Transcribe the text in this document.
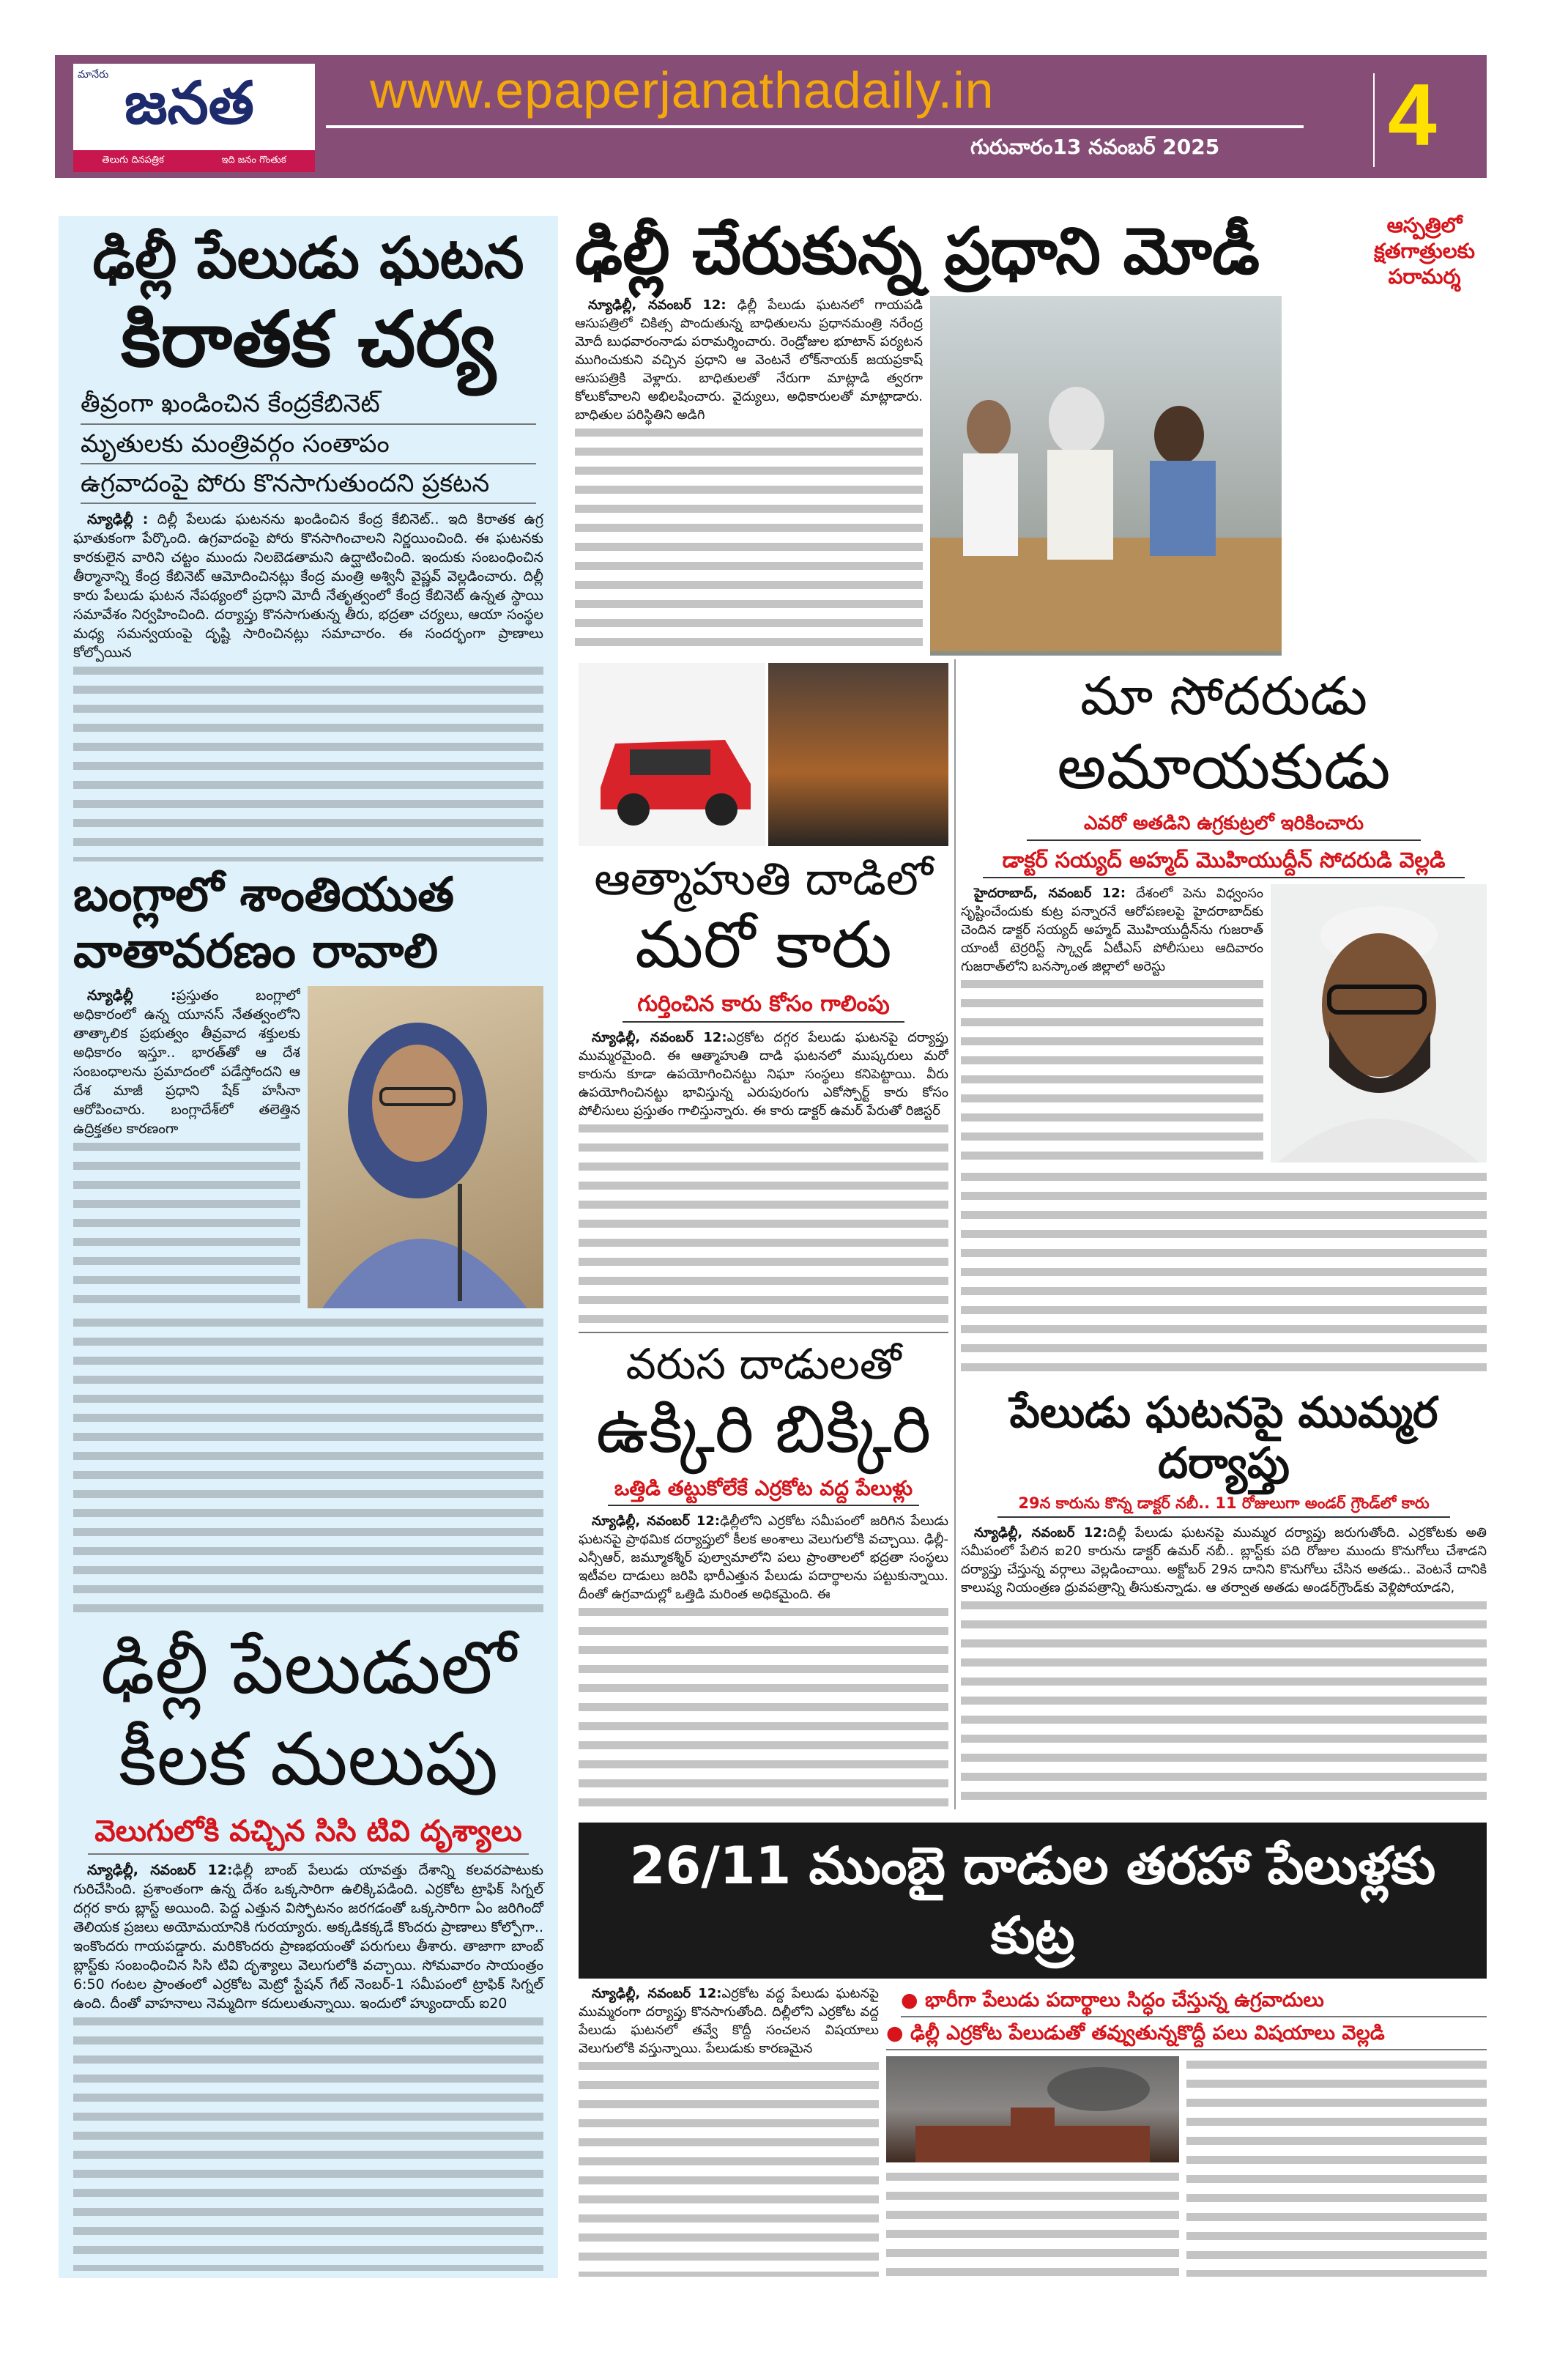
మానేరు జనత
తెలుగు దినపత్రిక	ఇది జనం గొంతుక
www.epaperjanathadaily.in
గురువారం13 నవంబర్ 2025 4
ఢిల్లీ పేలుడు ఘటన
కిరాతక చర్య
తీవ్రంగా ఖండించిన కేంద్రకేబినెట్
మృతులకు మంత్రివర్గం సంతాపం
ఉగ్రవాదంపై పోరు కొనసాగుతుందని ప్రకటన
 న్యూఢిల్లీ : దిల్లీ పేలుడు ఘటనను ఖండించిన కేంద్ర కేబినెట్.. ఇది కిరాతక ఉగ్ర ఘాతుకంగా పేర్కొంది. ఉగ్రవాదంపై పోరు కొనసాగించాలని నిర్ణయించింది. ఈ ఘటనకు కారకులైన వారిని చట్టం ముందు నిలబెడతామని ఉద్ఘాటించింది. ఇందుకు సంబంధించిన తీర్మానాన్ని కేంద్ర కేబినెట్ ఆమోదించినట్లు కేంద్ర మంత్రి అశ్వినీ వైష్ణవ్ వెల్లడించారు. దిల్లీ కారు పేలుడు ఘటన నేపథ్యంలో ప్రధాని మోదీ నేతృత్వంలో కేంద్ర కేబినెట్ ఉన్నత స్థాయి సమావేశం నిర్వహించింది. దర్యాప్తు కొనసాగుతున్న తీరు, భద్రతా చర్యలు, ఆయా సంస్థల మధ్య సమన్వయంపై దృష్టి సారించినట్లు సమాచారం. ఈ సందర్భంగా ప్రాణాలు కోల్పోయిన
బంగ్లాలో శాంతియుత వాతావరణం రావాలి
 న్యూఢిల్లీ :ప్రస్తుతం బంగ్లాలో అధికారంలో ఉన్న యూనస్ నేతత్వంలోని తాత్కాలిక ప్రభుత్వం తీవ్రవాద శక్తులకు అధికారం ఇస్తూ.. భారత్‌తో ఆ దేశ సంబంధాలను ప్రమాదంలో పడేస్తోందని ఆ దేశ మాజీ ప్రధాని షేక్ హసీనా ఆరోపించారు. బంగ్లాదేశ్‌లో తలెత్తిన ఉద్రిక్తతల కారణంగా
ఢిల్లీ పేలుడులో
కీలక మలుపు
వెలుగులోకి వచ్చిన సిసి టివి దృశ్యాలు
 న్యూఢిల్లీ, నవంబర్ 12:ఢిల్లీ బాంబ్ పేలుడు యావత్తు దేశాన్ని కలవరపాటుకు గురిచేసింది. ప్రశాంతంగా ఉన్న దేశం ఒక్కసారిగా ఉలిక్కిపడింది. ఎర్రకోట ట్రాఫిక్ సిగ్నల్ దగ్గర కారు బ్లాస్ట్ అయింది. పెద్ద ఎత్తున విస్ఫోటనం జరగడంతో ఒక్కసారిగా ఏం జరిగిందో తెలియక ప్రజలు అయోమయానికి గురయ్యారు. అక్కడికక్కడే కొందరు ప్రాణాలు కోల్పోగా.. ఇంకొందరు గాయపడ్డారు. మరికొందరు ప్రాణభయంతో పరుగులు తీశారు. తాజాగా బాంబ్ బ్లాస్ట్‌కు సంబంధించిన సిసి టివి దృశ్యాలు వెలుగులోకి వచ్చాయి. సోమవారం సాయంత్రం 6:50 గంటల ప్రాంతంలో ఎర్రకోట మెట్రో స్టేషన్ గేట్ నెంబర్-1 సమీపంలో ట్రాఫిక్ సిగ్నల్ ఉంది. దీంతో వాహనాలు నెమ్మదిగా కదులుతున్నాయి. ఇందులో హ్యుందాయ్ ఐ20
ఢిల్లీ చేరుకున్న ప్రధాని మోడీ	ఆస్పత్రిలో క్షతగాత్రులకు పరామర్శ
 న్యూఢిల్లీ, నవంబర్ 12: ఢిల్లీ పేలుడు ఘటనలో గాయపడి ఆసుపత్రిలో చికిత్స పొందుతున్న బాధితులను ప్రధానమంత్రి నరేంద్ర మోదీ బుధవారంనాడు పరామర్శించారు. రెండ్రోజుల భూటాన్ పర్యటన ముగించుకుని వచ్చిన ప్రధాని ఆ వెంటనే లోక్‌నాయక్ జయప్రకాష్ ఆసుపత్రికి వెళ్లారు. బాధితులతో నేరుగా మాట్లాడి త్వరగా కోలుకోవాలని అభిలషించారు. వైద్యులు, అధికారులతో మాట్లాడారు. బాధితుల పరిస్థితిని అడిగి
ఆత్మాహుతి దాడిలో
మరో కారు
గుర్తించిన కారు కోసం గాలింపు
 న్యూఢిల్లీ, నవంబర్ 12:ఎర్రకోట దగ్గర పేలుడు ఘటనపై దర్యాప్తు ముమ్మరమైంది. ఈ ఆత్మాహుతి దాడి ఘటనలో ముష్కరులు మరో కారును కూడా ఉపయోగించినట్టు నిఘా సంస్థలు కనిపెట్టాయి. వీరు ఉపయోగించినట్టు భావిస్తున్న ఎరుపురంగు ఎకోస్పోర్ట్ కారు కోసం పోలీసులు ప్రస్తుతం గాలిస్తున్నారు. ఈ కారు డాక్టర్ ఉమర్ పేరుతో రిజిస్టర్
వరుస దాడులతో
ఉక్కిరి బిక్కిరి
ఒత్తిడి తట్టుకోలేకే ఎర్రకోట వద్ద పేలుళ్లు
 న్యూఢిల్లీ, నవంబర్ 12:ఢిల్లీలోని ఎర్రకోట సమీపంలో జరిగిన పేలుడు ఘటనపై ప్రాథమిక దర్యాప్తులో కీలక అంశాలు వెలుగులోకి వచ్చాయి. ఢిల్లీ-ఎన్సీఆర్, జమ్మూకశ్మీర్ పుల్వామాలోని పలు ప్రాంతాలలో భద్రతా సంస్థలు ఇటీవల దాడులు జరిపి భారీఎత్తున పేలుడు పదార్థాలను పట్టుకున్నాయి. దీంతో ఉగ్రవాదుల్లో ఒత్తిడి మరింత అధికమైంది. ఈ
మా సోదరుడు
అమాయకుడు
ఎవరో అతడిని ఉగ్రకుట్రలో ఇరికించారు
డాక్టర్ సయ్యద్ అహ్మద్ మొహియుద్దీన్ సోదరుడి వెల్లడి
 హైదరాబాద్, నవంబర్ 12: దేశంలో పెను విధ్వంసం సృష్టించేందుకు కుట్ర పన్నారనే ఆరోపణలపై హైదరాబాద్‌కు చెందిన డాక్టర్ సయ్యద్ అహ్మద్ మొహియుద్దీన్‌ను గుజరాత్ యాంటీ టెర్రరిస్ట్ స్క్వాడ్ ఏటీఎస్ పోలీసులు ఆదివారం గుజరాత్‌లోని బనస్కాంత జిల్లాలో అరెస్టు
పేలుడు ఘటనపై ముమ్మర దర్యాప్తు
29న కారును కొన్న డాక్టర్ నబీ.. 11 రోజులుగా అండర్ గ్రౌండ్‌లో కారు
 న్యూఢిల్లీ, నవంబర్ 12:దిల్లీ పేలుడు ఘటనపై ముమ్మర దర్యాప్తు జరుగుతోంది. ఎర్రకోటకు అతి సమీపంలో పేలిన ఐ20 కారును డాక్టర్ ఉమర్ నబీ.. బ్లాస్ట్‌కు పది రోజుల ముందు కొనుగోలు చేశాడని దర్యాప్తు చేస్తున్న వర్గాలు వెల్లడించాయి. అక్టోబర్ 29న దానిని కొనుగోలు చేసిన అతడు.. వెంటనే దానికి కాలుష్య నియంత్రణ ధ్రువపత్రాన్ని తీసుకున్నాడు. ఆ తర్వాత అతడు అండర్‌గ్రౌండ్‌కు వెళ్లిపోయాడని,
26/11 ముంబై దాడుల తరహా పేలుళ్లకు కుట్ర
 న్యూఢిల్లీ, నవంబర్ 12:ఎర్రకోట వద్ద పేలుడు ఘటనపై ముమ్మరంగా దర్యాప్తు కొనసాగుతోంది. దిల్లీలోని ఎర్రకోట వద్ద పేలుడు ఘటనలో తవ్వే కొద్దీ సంచలన విషయాలు వెలుగులోకి వస్తున్నాయి. పేలుడుకు కారణమైన
● భారీగా పేలుడు పదార్థాలు సిద్ధం చేస్తున్న ఉగ్రవాదులు
● ఢిల్లీ ఎర్రకోట పేలుడుతో తవ్వుతున్నకొద్దీ పలు విషయాలు వెల్లడి
